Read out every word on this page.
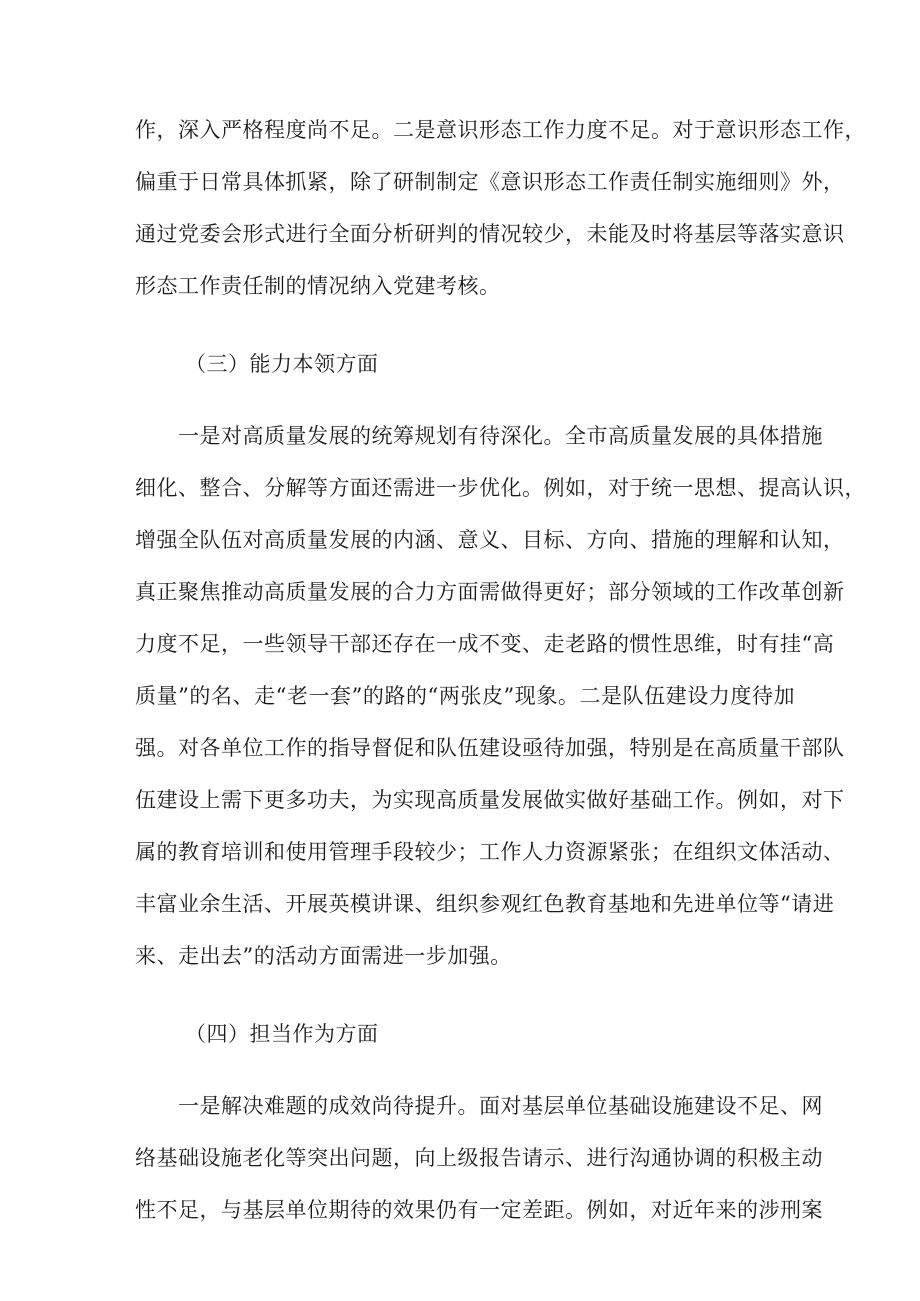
作，深入严格程度尚不足。二是意识形态工作力度不足。对于意识形态工作，
偏重于日常具体抓紧，除了研制制定《意识形态工作责任制实施细则》外，
通过党委会形式进行全面分析研判的情况较少，未能及时将基层等落实意识
形态工作责任制的情况纳入党建考核。
（三）能力本领方面
一是对高质量发展的统筹规划有待深化。全市高质量发展的具体措施
细化、整合、分解等方面还需进一步优化。例如，对于统一思想、提高认识，
增强全队伍对高质量发展的内涵、意义、目标、方向、措施的理解和认知，
真正聚焦推动高质量发展的合力方面需做得更好；部分领域的工作改革创新
力度不足，一些领导干部还存在一成不变、走老路的惯性思维，时有挂“高
质量”的名、走“老一套”的路的“两张皮”现象。二是队伍建设力度待加
强。对各单位工作的指导督促和队伍建设亟待加强，特别是在高质量干部队
伍建设上需下更多功夫，为实现高质量发展做实做好基础工作。例如，对下
属的教育培训和使用管理手段较少；工作人力资源紧张；在组织文体活动、
丰富业余生活、开展英模讲课、组织参观红色教育基地和先进单位等“请进
来、走出去”的活动方面需进一步加强。
（四）担当作为方面
一是解决难题的成效尚待提升。面对基层单位基础设施建设不足、网
络基础设施老化等突出问题，向上级报告请示、进行沟通协调的积极主动
性不足，与基层单位期待的效果仍有一定差距。例如，对近年来的涉刑案
